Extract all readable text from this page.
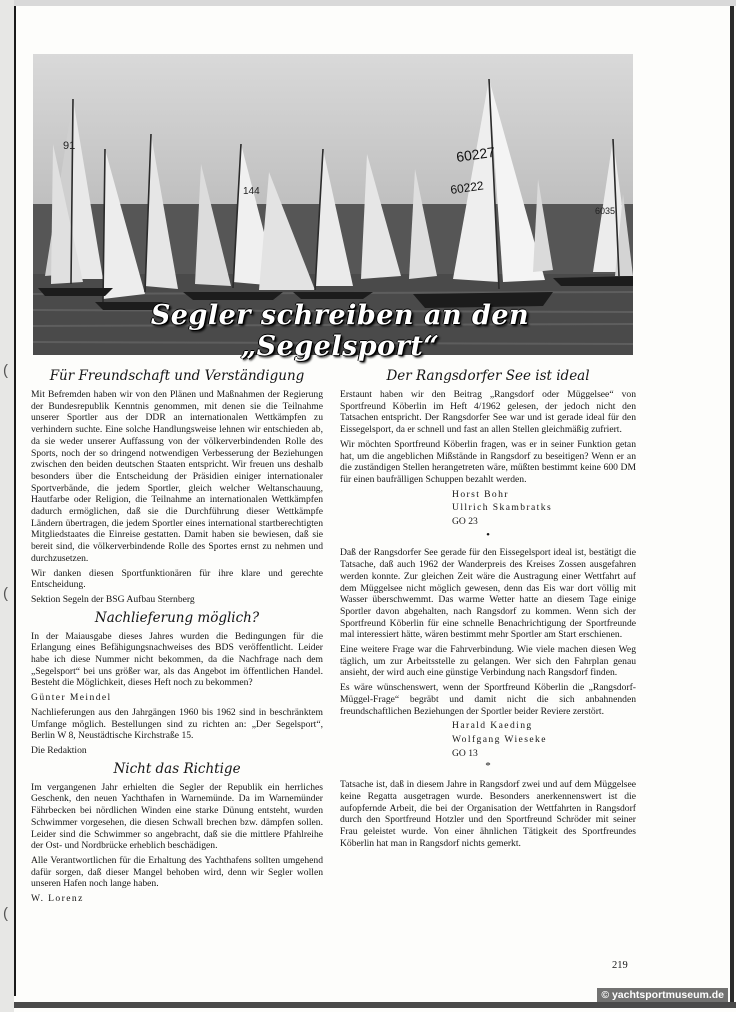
(
(
(
91
144
60227
6035
60222
Segler schreiben an den „Segelsport“
Für Freundschaft und Verständigung

Mit Befremden haben wir von den Plänen und Maßnahmen der Regierung der Bundesrepublik Kenntnis genommen, mit denen sie die Teilnahme unserer Sportler aus der DDR an internationalen Wettkämpfen zu verhindern suchte. Eine solche Handlungsweise lehnen wir entschieden ab, da sie weder unserer Auffassung von der völkerverbindenden Rolle des Sports, noch der so dringend notwendigen Verbesserung der Beziehungen zwischen den beiden deutschen Staaten entspricht. Wir freuen uns deshalb besonders über die Entscheidung der Präsidien einiger internationaler Sportverbände, die jedem Sportler, gleich welcher Weltanschauung, Hautfarbe oder Religion, die Teilnahme an internationalen Wettkämpfen dadurch ermöglichen, daß sie die Durchführung dieser Wettkämpfe Ländern übertragen, die jedem Sportler eines international startberechtigten Mitgliedstaates die Einreise gestatten. Damit haben sie bewiesen, daß sie bereit sind, die völkerverbindende Rolle des Sportes ernst zu nehmen und durchzusetzen.

Wir danken diesen Sportfunktionären für ihre klare und gerechte Entscheidung.

Sektion Segeln der BSG Aufbau Sternberg

Nachlieferung möglich?

In der Maiausgabe dieses Jahres wurden die Bedingungen für die Erlangung eines Befähigungsnachweises des BDS veröffentlicht. Leider habe ich diese Nummer nicht bekommen, da die Nachfrage nach dem „Segelsport“ bei uns größer war, als das Angebot im öffentlichen Handel. Besteht die Möglichkeit, dieses Heft noch zu bekommen?

Günter Meindel

Nachlieferungen aus den Jahrgängen 1960 bis 1962 sind in beschränktem Umfange möglich. Bestellungen sind zu richten an: „Der Segelsport“, Berlin W 8, Neustädtische Kirchstraße 15.

Die Redaktion

Nicht das Richtige

Im vergangenen Jahr erhielten die Segler der Republik ein herrliches Geschenk, den neuen Yachthafen in Warnemünde. Da im Warnemünder Fährbecken bei nördlichen Winden eine starke Dünung entsteht, wurden Schwimmer vorgesehen, die diesen Schwall brechen bzw. dämpfen sollen. Leider sind die Schwimmer so angebracht, daß sie die mittlere Pfahlreihe der Ost- und Nordbrücke erheblich beschädigen.

Alle Verantwortlichen für die Erhaltung des Yachthafens sollten umgehend dafür sorgen, daß dieser Mangel behoben wird, denn wir Segler wollen unseren Hafen noch lange haben.

W. Lorenz

Der Rangsdorfer See ist ideal

Erstaunt haben wir den Beitrag „Rangsdorf oder Müggelsee“ von Sportfreund Köberlin im Heft 4/1962 gelesen, der jedoch nicht den Tatsachen entspricht. Der Rangsdorfer See war und ist gerade ideal für den Eissegelsport, da er schnell und fast an allen Stellen gleichmäßig zufriert.

Wir möchten Sportfreund Köberlin fragen, was er in seiner Funktion getan hat, um die angeblichen Mißstände in Rangsdorf zu beseitigen? Wenn er an die zuständigen Stellen herangetreten wäre, müßten bestimmt keine 600 DM für einen baufrälligen Schuppen bezahlt werden.

Horst Bohr
Ullrich Skambratks
GO 23
•

Daß der Rangsdorfer See gerade für den Eissegelsport ideal ist, bestätigt die Tatsache, daß auch 1962 der Wanderpreis des Kreises Zossen ausgefahren werden konnte. Zur gleichen Zeit wäre die Austragung einer Wettfahrt auf dem Müggelsee nicht möglich gewesen, denn das Eis war dort völlig mit Wasser überschwemmt. Das warme Wetter hatte an diesem Tage einige Sportler davon abgehalten, nach Rangsdorf zu kommen. Wenn sich der Sportfreund Köberlin für eine schnelle Benachrichtigung der Sportfreunde mal interessiert hätte, wären bestimmt mehr Sportler am Start erschienen.

Eine weitere Frage war die Fahrverbindung. Wie viele machen diesen Weg täglich, um zur Arbeitsstelle zu gelangen. Wer sich den Fahrplan genau ansieht, der wird auch eine günstige Verbindung nach Rangsdorf finden.

Es wäre wünschenswert, wenn der Sportfreund Köberlin die „Rangsdorf-Müggel-Frage“ begräbt und damit nicht die sich anbahnenden freundschaftlichen Beziehungen der Sportler beider Reviere zerstört.

Harald Kaeding
Wolfgang Wieseke
GO 13
*

Tatsache ist, daß in diesem Jahre in Rangsdorf zwei und auf dem Müggelsee keine Regatta ausgetragen wurde. Besonders anerkennenswert ist die aufopfernde Arbeit, die bei der Organisation der Wettfahrten in Rangsdorf durch den Sportfreund Hotzler und den Sportfreund Schröder mit seiner Frau geleistet wurde. Von einer ähnlichen Tätigkeit des Sportfreundes Köberlin hat man in Rangsdorf nichts gemerkt.

219
© yachtsportmuseum.de
